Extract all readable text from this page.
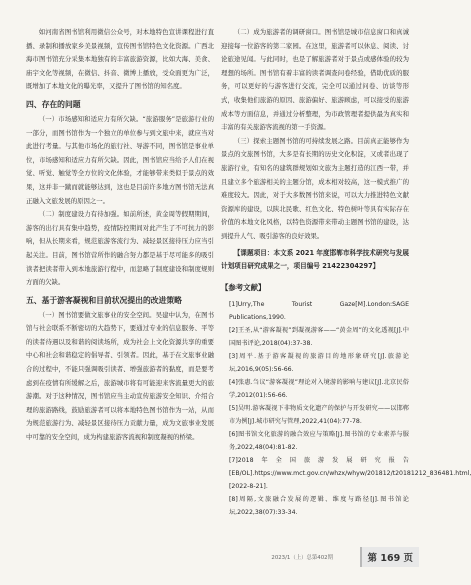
如河南省图书馆利用微信公众号，对本地特色宣讲课程进行直播、录制和播放家乡美景视频，宣传图书馆特色文化资源。广西北海市图书馆充分采集本地独有的丰富旅游资源，比如大海、美食、庙宇文化等视频，在微信、抖音、微博上播放，受众面更为广泛，既增加了本地文化的曝光率，又提升了图书馆的知名度。

四、存在的问题

（一）市场感知和适应力有所欠缺。“旅游服务”是旅游行业的一部分，而图书馆作为一个独立的单位参与到文旅中来，就应当对此进行考量。与其他市场化的旅行社、导游不同，图书馆是事业单位，市场感知和适应力有所欠缺。因此，图书馆应当给予人们在视觉、听觉、触觉等全方位的文化体验，才能够带来类似于景点的效果，这并非一蹴而就能够达到，这也是目前许多地方图书馆无法真正融入文旅发展的原因之一。

（二）制度建设力有待加强。如前所述，黄金周等假期期间，游客的出行具有集中趋势，疫情防控期间对此产生了不可抗力的影响，但从长期来看，规范旅游客流行为、减轻景区接待压力应当引起关注。目前，图书馆营所作的融合努力都是基于尽可能多的吸引读者把读者带入到本地旅游行程中，而忽略了制度建设和制度规则方面的欠缺。

五、基于游客凝视和目前状况提出的改进策略

（一）图书馆要做文旅事业的安全空间。吴建中认为，在图书馆与社会联系不断密切的大趋势下，要通过专业的信息服务、平等的读者待遇以及和谐的阅读场所，成为社会上文化资源共享的重要中心和社会和谐稳定的倡导者、引领者。因此，基于在文旅事业融合的过程中，不能只强调吸引读者、增强旅游者的黏度，而是要考虑到在疫情有所缓解之后，旅游城市将有可能迎来客流量更大的旅游潮。对于这种情况，图书馆应当主动宣传旅游安全知识、介绍合理的旅游路线，鼓励旅游者可以将本地特色图书馆作为一站，从而为规范旅游行为、减轻景区接待压力贡献力量，成为文旅事业发展中可靠的安全空间，成为构建旅游客流视和制度凝视的桥梁。

（二）成为旅游者的调研窗口。图书馆是城市信息窗口和真诚迎接每一位游客的第二家园。在这里，旅游者可以休息、阅读、讨论旅途见闻。与此同时，也是了解旅游者对于景点或感体验的较为理想的场所。图书馆有着丰富的读者调查问卷经验，借助优质的服务，可以更好的与游客进行交流，完全可以通过问卷、访谈等形式，收集他们旅游的原因、旅游偏好、旅游顾虑，可以接受的旅游成本等方面信息，并通过分析整理，为市政管理者提供最为真实和丰富的有关旅游客流视的第一手资源。

（三）探索主题图书馆的可持续发展之路。目前真正能够作为景点的文旅图书馆，大多是有长期的历史文化积淀，又或者出现了旅游行业，有知名的建筑群规划如文旅为主题打造的江西一带，并且建立多个旅游相关的主题分馆，成本相对较高，这一模式推广的难度较大。因此，对于大多数图书馆来说，可以大力推进特色文献资源库的建设，以陕北民歌、红色文化、特色树叶等具有实际存在价值的本地文化风格，以特色资源带来带动主题图书馆的建设，达到提升人气、吸引游客的良好效果。

【课题项目：本文系 2021 年度邯郸市科学技术研究与发展计划项目研究成果之一，项目编号 21422304297】

【参考文献】

[1]Urry,The Tourist Gaze[M].London:SAGE Publications,1990.

[2]王圣,从“游客凝视”到凝视游客——“黄金周”的文化透视[J].中国图书评论,2018(04):37-38.

[3]周平.基于游客凝视的旅游目的地形象研究[J].旅游论坛,2016,9(05):56-66.

[4]张惠.刍议“游客凝视”理论对入境游的影响与建议[J].北京民俗学,2012(01):56-66.

[5]吴明.游客凝视下非物质文化遗产的保护与开发研究——以邯郸市为例[J].城市研究与管理,2022,41(04):77-78.

[6]图书馆文化旅游的融合效应与策略[J].图书馆的专业素养与服务,2022,48(04):81-82.

[7]2018年全国旅游发展研究报告[EB/OL].https://www.mct.gov.cn/whzx/whyw/201812/t20181212_836481.html,[2022-8-21].

[8]周隔,文旅融合发展的逻辑、维度与路径[J].图书馆论坛,2022,38(07):33-34.

2023/1（上）总第402期	第 169 页
